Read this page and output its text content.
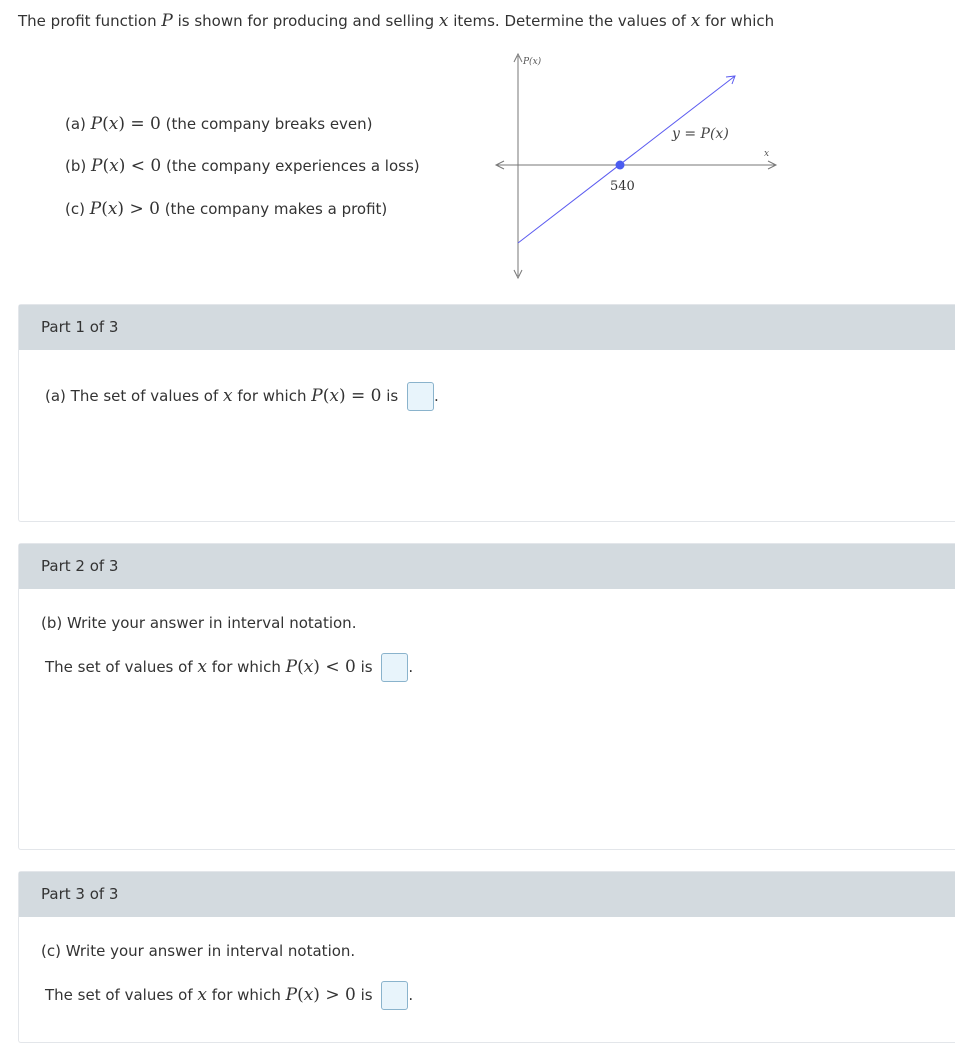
The profit function P is shown for producing and selling x items. Determine the values of x for which
(a) P(x) = 0 (the company breaks even)
(b) P(x) < 0 (the company experiences a loss)
(c) P(x) > 0 (the company makes a profit)
P(x)
x
y = P(x)
540
Part 1 of 3
(a) The set of values of x for which P(x) = 0 is .
Part 2 of 3
(b) Write your answer in interval notation.
The set of values of x for which P(x) < 0 is .
Part 3 of 3
(c) Write your answer in interval notation.
The set of values of x for which P(x) > 0 is .
